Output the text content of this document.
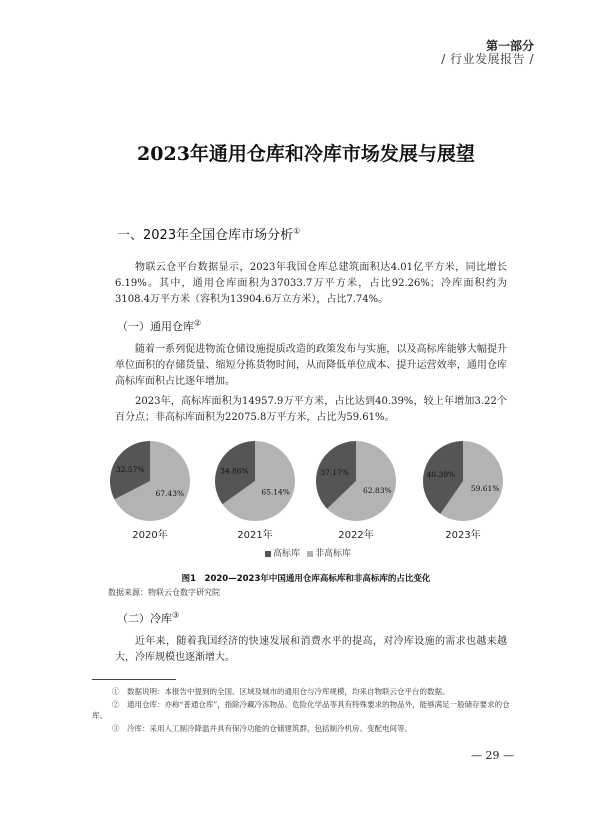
第一部分
/ 行业发展报告 /
2023年通用仓库和冷库市场发展与展望
一、2023年全国仓库市场分析①
物联云仓平台数据显示，2023年我国仓库总建筑面积达4.01亿平方米，同比增长6.19%。其中，通用仓库面积为37033.7万平方米，占比92.26%；冷库面积约为3108.4万平方米（容积为13904.6万立方米），占比7.74%。
（一）通用仓库②
随着一系列促进物流仓储设施提质改造的政策发布与实施，以及高标库能够大幅提升单位面积的存储货量、缩短分拣货物时间，从而降低单位成本、提升运营效率，通用仓库高标库面积占比逐年增加。
2023年，高标库面积为14957.9万平方米，占比达到40.39%，较上年增加3.22个百分点；非高标库面积为22075.8万平方米，占比为59.61%。
32.57%
67.43%
2020年
34.86%
65.14%
2021年
37.17%
62.83%
2022年
40.39%
59.61%
2023年
高标库 非高标库
图1　2020—2023年中国通用仓库高标库和非高标库的占比变化
数据来源：物联云仓数字研究院
（二）冷库③
近年来，随着我国经济的快速发展和消费水平的提高，对冷库设施的需求也越来越大，冷库规模也逐渐增大。
①　数据说明：本报告中提到的全国、区域及城市的通用仓与冷库规模，均来自物联云仓平台的数据。
②　通用仓库：亦称“普通仓库”，指除冷藏冷冻物品、危险化学品等具有特殊要求的物品外，能够满足一般储存要求的仓库。
③　冷库：采用人工制冷降温并具有保冷功能的仓储建筑群，包括制冷机房、变配电间等。
— 29 —
